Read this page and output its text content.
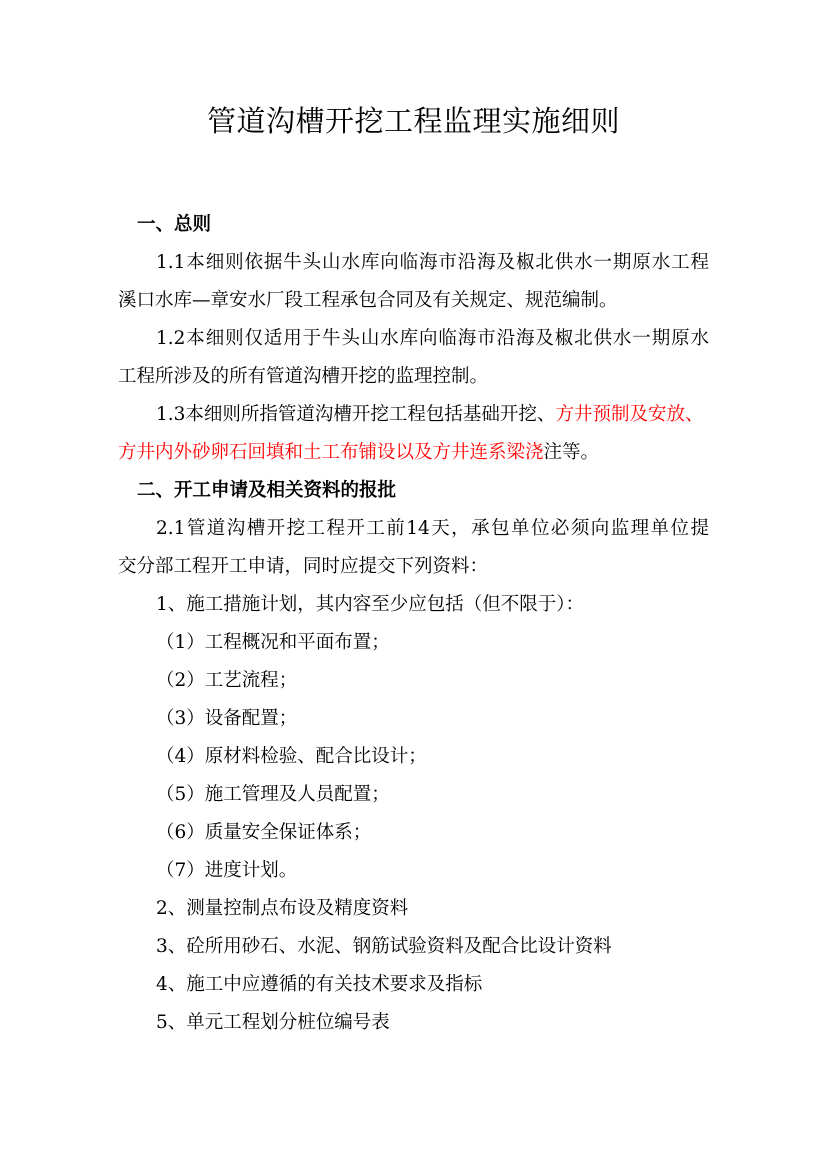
管道沟槽开挖工程监理实施细则
一、总则
1.1本细则依据牛头山水库向临海市沿海及椒北供水一期原水工程
溪口水库—章安水厂段工程承包合同及有关规定、规范编制。
1.2本细则仅适用于牛头山水库向临海市沿海及椒北供水一期原水
工程所涉及的所有管道沟槽开挖的监理控制。
1.3本细则所指管道沟槽开挖工程包括基础开挖、方井预制及安放、
方井内外砂卵石回填和土工布铺设以及方井连系梁浇注等。
二、开工申请及相关资料的报批
2.1管道沟槽开挖工程开工前14天，承包单位必须向监理单位提
交分部工程开工申请，同时应提交下列资料：
1、施工措施计划，其内容至少应包括（但不限于）：
（1）工程概况和平面布置；
（2）工艺流程；
（3）设备配置；
（4）原材料检验、配合比设计；
（5）施工管理及人员配置；
（6）质量安全保证体系；
（7）进度计划。
2、测量控制点布设及精度资料
3、砼所用砂石、水泥、钢筋试验资料及配合比设计资料
4、施工中应遵循的有关技术要求及指标
5、单元工程划分桩位编号表
